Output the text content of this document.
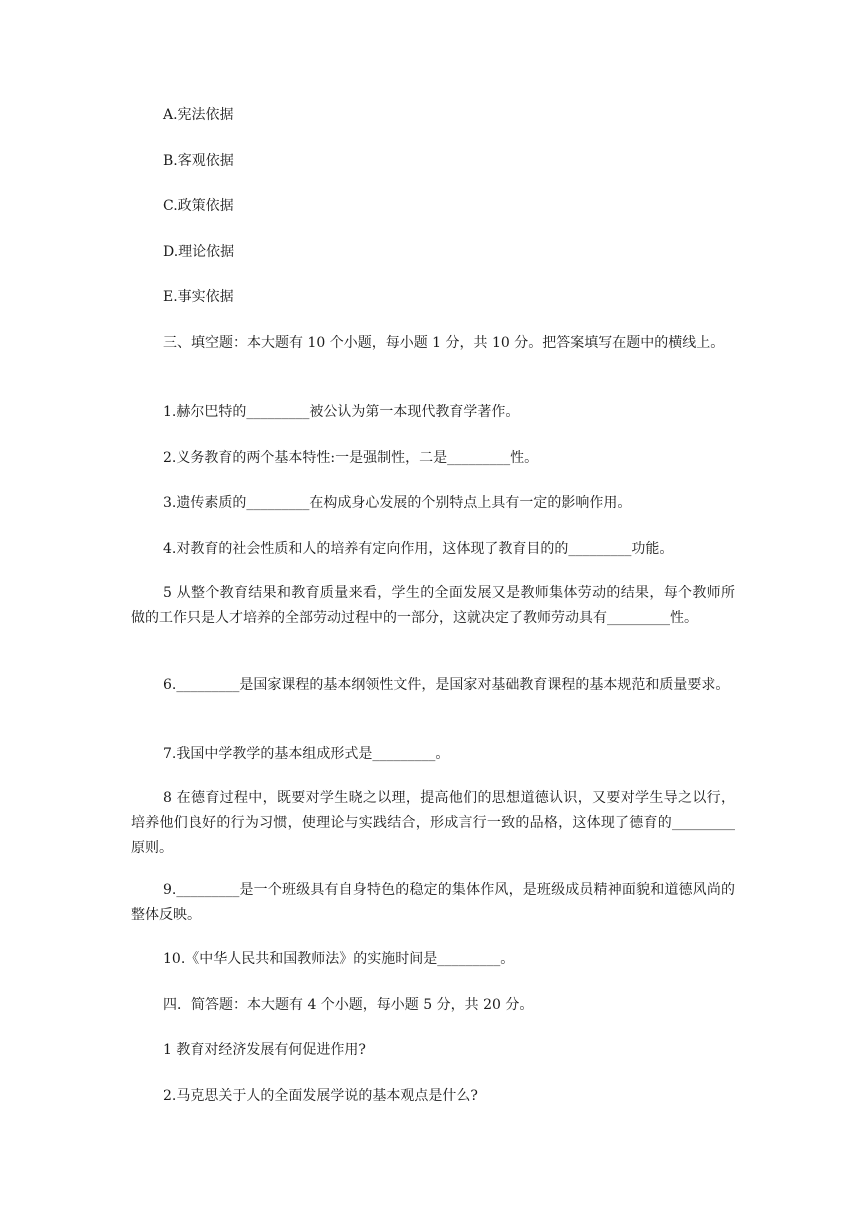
A.宪法依据

B.客观依据

C.政策依据

D.理论依据

E.事实依据

三、填空题：本大题有 10 个小题，每小题 1 分，共 10 分。把答案填写在题中的横线上。

1.赫尔巴特的_________被公认为第一本现代教育学著作。

2.义务教育的两个基本特性:一是强制性，二是_________性。

3.遗传素质的_________在构成身心发展的个别特点上具有一定的影响作用。

4.对教育的社会性质和人的培养有定向作用，这体现了教育目的的_________功能。

5 从整个教育结果和教育质量来看，学生的全面发展又是教师集体劳动的结果，每个教师所做的工作只是人才培养的全部劳动过程中的一部分，这就决定了教师劳动具有_________性。

6._________是国家课程的基本纲领性文件，是国家对基础教育课程的基本规范和质量要求。

7.我国中学教学的基本组成形式是_________。

8 在德育过程中，既要对学生晓之以理，提高他们的思想道德认识，又要对学生导之以行，培养他们良好的行为习惯，使理论与实践结合，形成言行一致的品格，这体现了德育的_________原则。

9._________是一个班级具有自身特色的稳定的集体作风，是班级成员精神面貌和道德风尚的整体反映。

10.《中华人民共和国教师法》的实施时间是_________。

四．简答题：本大题有 4 个小题，每小题 5 分，共 20 分。

1 教育对经济发展有何促进作用?

2.马克思关于人的全面发展学说的基本观点是什么?
